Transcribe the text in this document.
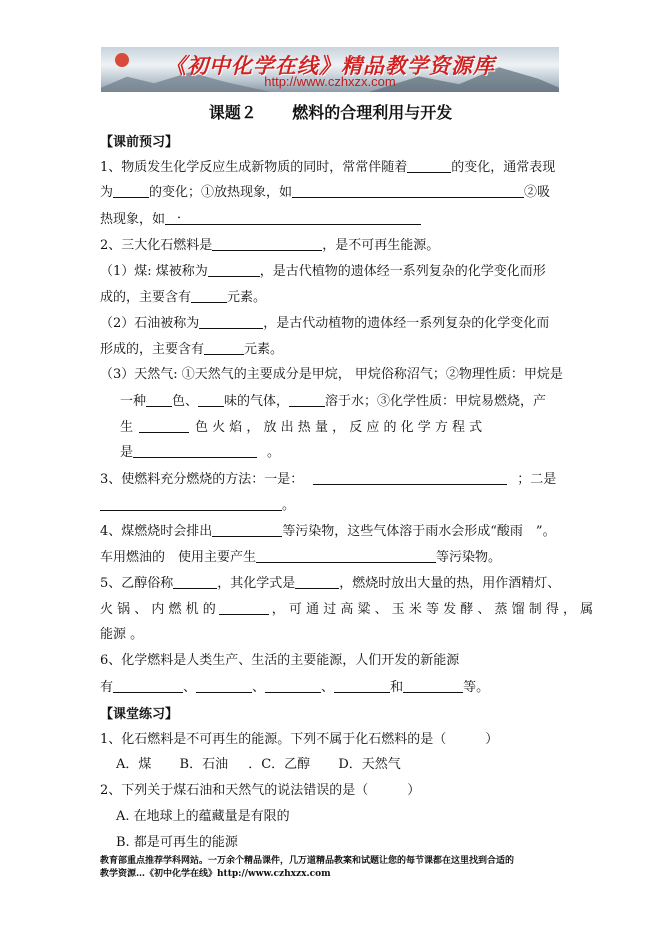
《初中化学在线》精品教学资源库
http://www.czhxzx.com
课题２　 燃料的合理利用与开发
【课前预习】
1、物质发生化学反应生成新物质的同时，常常伴随着	的变化，通常表现
为	的变化；①放热现象，如	②吸
热现象，如 ．
2、三大化石燃料是	，是不可再生能源。
（1）煤: 煤被称为	，是古代植物的遗体经一系列复杂的化学变化而形
成的，主要含有	元素。
（2）石油被称为	，是古代动植物的遗体经一系列复杂的化学变化而
形成的，主要含有	元素。
（3）天然气: ①天然气的主要成分是甲烷， 甲烷俗称沼气；②物理性质：甲烷是
一种 色、 味的气体，	溶于水；③化学性质：甲烷易燃烧，产
生	色 火 焰 ， 放 出 热 量 ， 反 应 的 化 学 方 程 式
是	。
3、使燃料充分燃烧的方法：一是：	；二是
。
4、煤燃烧时会排出	等污染物，这些气体溶于雨水会形成“酸雨　”。
车用燃油的　使用主要产生	等污染物。
5、乙醇俗称	，其化学式是	，燃烧时放出大量的热，用作酒精灯、
火 锅 、 内 燃 机 的	， 可 通 过 高 粱 、 玉 米 等 发 酵 、 蒸 馏 制 得 ， 属
能源 。
6、化学燃料是人类生产、生活的主要能源，人们开发的新能源
有	、	、	、	和	等。
【课堂练习】
1、化石燃料是不可再生的能源。下列不属于化石燃料的是（　　　）
A．煤 B．石油 ．C．乙醇 D．天然气
2、下列关于煤石油和天然气的说法错误的是（　　　）
A. 在地球上的蕴藏量是有限的
B. 都是可再生的能源
教育部重点推荐学科网站。一万余个精品课件，几万道精品教案和试题让您的每节课都在这里找到合适的
教学资源…《初中化学在线》http://www.czhxzx.com
